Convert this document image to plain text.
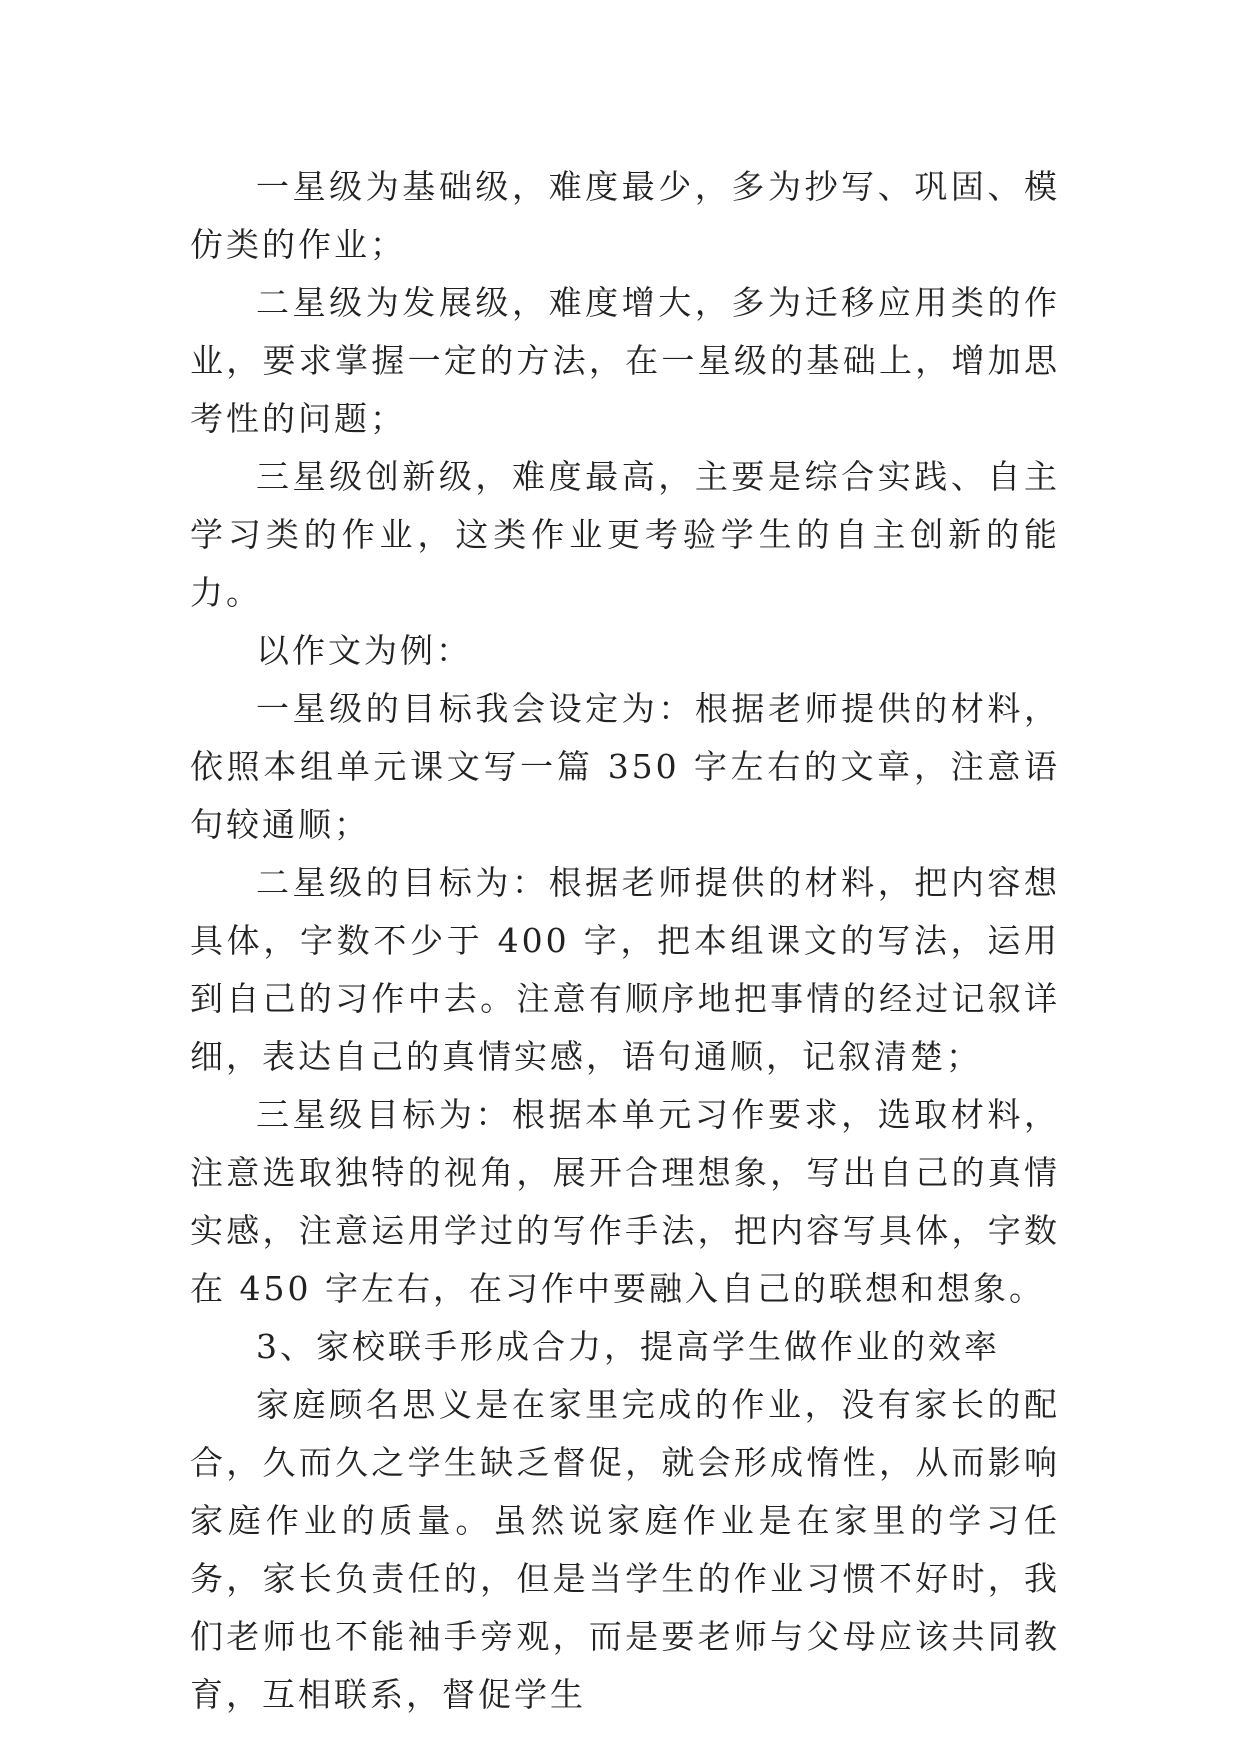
一星级为基础级，难度最少，多为抄写、巩固、模仿类的作业；

二星级为发展级，难度增大，多为迁移应用类的作业，要求掌握一定的方法，在一星级的基础上，增加思考性的问题；

三星级创新级，难度最高，主要是综合实践、自主学习类的作业，这类作业更考验学生的自主创新的能力。

以作文为例：

一星级的目标我会设定为：根据老师提供的材料，依照本组单元课文写一篇 350 字左右的文章，注意语句较通顺；

二星级的目标为：根据老师提供的材料，把内容想具体，字数不少于 400 字，把本组课文的写法，运用到自己的习作中去。注意有顺序地把事情的经过记叙详细，表达自己的真情实感，语句通顺，记叙清楚；

三星级目标为：根据本单元习作要求，选取材料，注意选取独特的视角，展开合理想象，写出自己的真情实感，注意运用学过的写作手法，把内容写具体，字数在 450 字左右，在习作中要融入自己的联想和想象。

3、家校联手形成合力，提高学生做作业的效率

家庭顾名思义是在家里完成的作业，没有家长的配合，久而久之学生缺乏督促，就会形成惰性，从而影响家庭作业的质量。虽然说家庭作业是在家里的学习任务，家长负责任的，但是当学生的作业习惯不好时，我们老师也不能袖手旁观，而是要老师与父母应该共同教育，互相联系，督促学生
